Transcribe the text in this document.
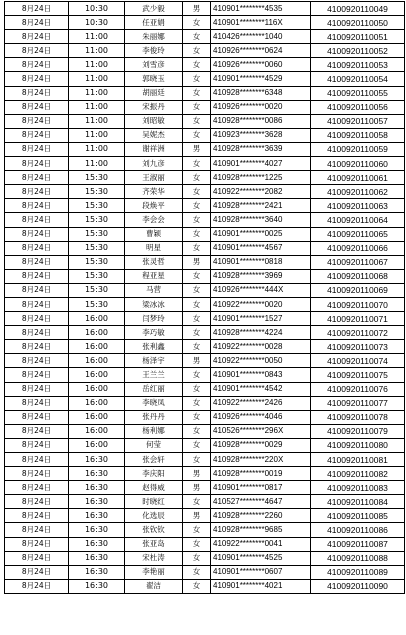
8月24日	10:30	武少毅	男	410901********4535	4100920110049
8月24日	10:30	任亚娟	女	410901********116X	4100920110050
8月24日	11:00	朱丽娜	女	410426********1040	4100920110051
8月24日	11:00	李俊玲	女	410926********0624	4100920110052
8月24日	11:00	刘雪彦	女	410926********0060	4100920110053
8月24日	11:00	郭晓玉	女	410901********4529	4100920110054
8月24日	11:00	胡丽廷	女	410928********6348	4100920110055
8月24日	11:00	宋振丹	女	410926********0020	4100920110056
8月24日	11:00	刘昭敏	女	410928********0086	4100920110057
8月24日	11:00	吴妮杰	女	410923********3628	4100920110058
8月24日	11:00	谢祥洲	男	410928********3639	4100920110059
8月24日	11:00	刘九彦	女	410901********4027	4100920110060
8月24日	15:30	王淑丽	女	410928********1225	4100920110061
8月24日	15:30	齐荣华	女	410922********2082	4100920110062
8月24日	15:30	段焕平	女	410928********2421	4100920110063
8月24日	15:30	李会会	女	410928********3640	4100920110064
8月24日	15:30	曹颖	女	410901********0025	4100920110065
8月24日	15:30	明星	女	410901********4567	4100920110066
8月24日	15:30	张灵哲	男	410901********0818	4100920110067
8月24日	15:30	程亚星	女	410928********3969	4100920110068
8月24日	15:30	马营	女	410926********444X	4100920110069
8月24日	15:30	梁冰冰	女	410922********0020	4100920110070
8月24日	16:00	闫梦玲	女	410901********1527	4100920110071
8月24日	16:00	李巧敏	女	410928********4224	4100920110072
8月24日	16:00	张利鑫	女	410922********0028	4100920110073
8月24日	16:00	杨泽宇	男	410922********0050	4100920110074
8月24日	16:00	王兰兰	女	410901********0843	4100920110075
8月24日	16:00	岳红丽	女	410901********4542	4100920110076
8月24日	16:00	李晓凤	女	410922********2426	4100920110077
8月24日	16:00	张丹丹	女	410926********4046	4100920110078
8月24日	16:00	杨利娜	女	410526********296X	4100920110079
8月24日	16:00	何莹	女	410928********0029	4100920110080
8月24日	16:30	张会轩	女	410928********220X	4100920110081
8月24日	16:30	李庆阳	男	410928********0019	4100920110082
8月24日	16:30	赵得威	男	410901********0817	4100920110083
8月24日	16:30	时晓红	女	410527********4647	4100920110084
8月24日	16:30	化选辰	男	410928********2260	4100920110085
8月24日	16:30	张钦钦	女	410928********9685	4100920110086
8月24日	16:30	张亚岛	女	410922********0041	4100920110087
8月24日	16:30	宋杜涛	女	410901********4525	4100920110088
8月24日	16:30	李艳丽	女	410901********0607	4100920110089
8月24日	16:30	翟洁	女	410901********4021	4100920110090
